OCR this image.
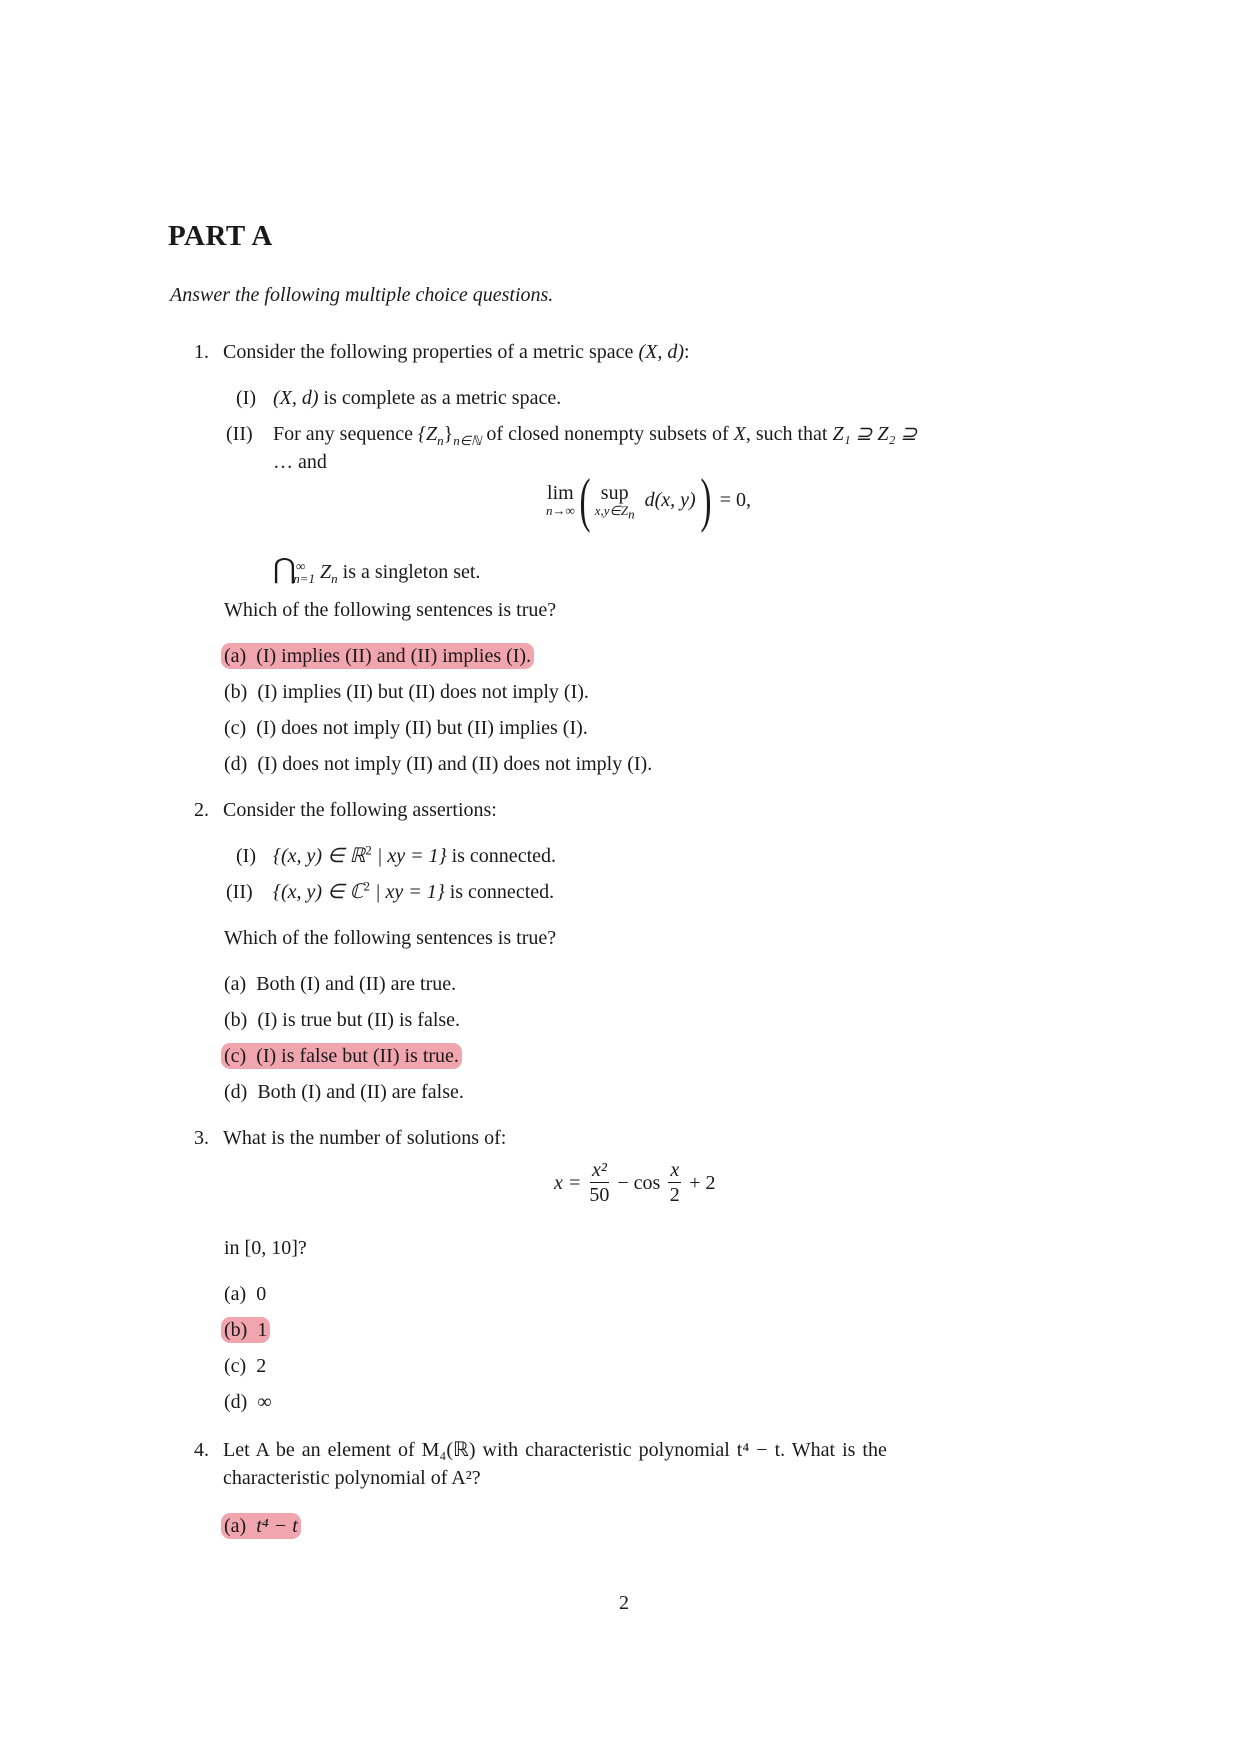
PART A
Answer the following multiple choice questions.
1. Consider the following properties of a metric space (X, d):
(I) (X, d) is complete as a metric space.
(II) For any sequence $\{Z_n\}_{n\in ℕ}$ of closed nonempty subsets of X, such that Z₁ ⊇ Z₂ ⊇
… and
lim
n→∞ ( sup
$x,y\in Z_n$
d(x, y) ) = 0,
$⋂^\infty_{n=1}$ $Z_n$ is a singleton set.
Which of the following sentences is true?
(a) (I) implies (II) and (II) implies (I).
(b) (I) implies (II) but (II) does not imply (I).
(c) (I) does not imply (II) but (II) implies (I).
(d) (I) does not imply (II) and (II) does not imply (I).
2. Consider the following assertions:
(I) {(x, y) ∈ ℝ$^2$ | xy = 1} is connected.
(II) {(x, y) ∈ ℂ$^2$ | xy = 1} is connected.
Which of the following sentences is true?
(a) Both (I) and (II) are true.
(b) (I) is true but (II) is false.
(c) (I) is false but (II) is true.
(d) Both (I) and (II) are false.
3. What is the number of solutions of:
$x = \frac{\text{x²}}{50} - \cos \frac{x}{2} + 2$
in [0, 10]?
(a) 0
(b) 1
(c) 2
(d) ∞
4. Let A be an element of M₄(ℝ) with characteristic polynomial t⁴ − t. What is the
characteristic polynomial of A²?
(a) t⁴ − t
2
